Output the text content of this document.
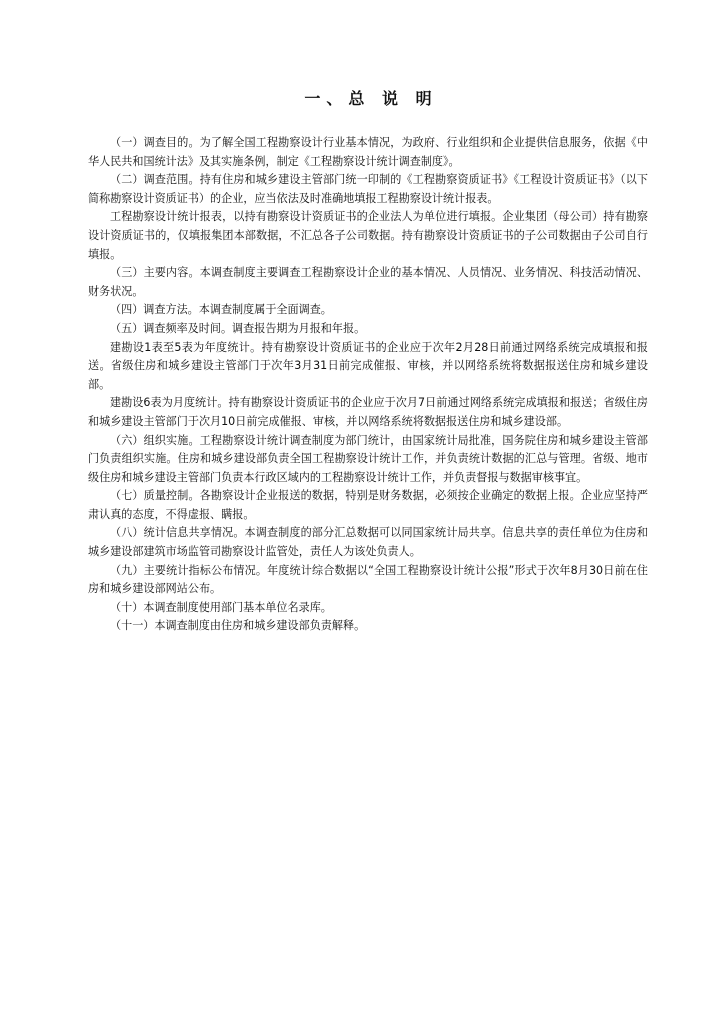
一、总 说 明

（一）调查目的。为了解全国工程勘察设计行业基本情况，为政府、行业组织和企业提供信息服务，依据《中华人民共和国统计法》及其实施条例，制定《工程勘察设计统计调查制度》。

（二）调查范围。持有住房和城乡建设主管部门统一印制的《工程勘察资质证书》《工程设计资质证书》（以下简称勘察设计资质证书）的企业，应当依法及时准确地填报工程勘察设计统计报表。

工程勘察设计统计报表，以持有勘察设计资质证书的企业法人为单位进行填报。企业集团（母公司）持有勘察设计资质证书的，仅填报集团本部数据，不汇总各子公司数据。持有勘察设计资质证书的子公司数据由子公司自行填报。

（三）主要内容。本调查制度主要调查工程勘察设计企业的基本情况、人员情况、业务情况、科技活动情况、财务状况。

（四）调查方法。本调查制度属于全面调查。

（五）调查频率及时间。调查报告期为月报和年报。

建勘设1表至5表为年度统计。持有勘察设计资质证书的企业应于次年2月28日前通过网络系统完成填报和报送。省级住房和城乡建设主管部门于次年3月31日前完成催报、审核，并以网络系统将数据报送住房和城乡建设部。

建勘设6表为月度统计。持有勘察设计资质证书的企业应于次月7日前通过网络系统完成填报和报送；省级住房和城乡建设主管部门于次月10日前完成催报、审核，并以网络系统将数据报送住房和城乡建设部。

（六）组织实施。工程勘察设计统计调查制度为部门统计，由国家统计局批准，国务院住房和城乡建设主管部门负责组织实施。住房和城乡建设部负责全国工程勘察设计统计工作，并负责统计数据的汇总与管理。省级、地市级住房和城乡建设主管部门负责本行政区域内的工程勘察设计统计工作，并负责督报与数据审核事宜。

（七）质量控制。各勘察设计企业报送的数据，特别是财务数据，必须按企业确定的数据上报。企业应坚持严肃认真的态度，不得虚报、瞒报。

（八）统计信息共享情况。本调查制度的部分汇总数据可以同国家统计局共享。信息共享的责任单位为住房和城乡建设部建筑市场监管司勘察设计监管处，责任人为该处负责人。

（九）主要统计指标公布情况。年度统计综合数据以“全国工程勘察设计统计公报”形式于次年8月30日前在住房和城乡建设部网站公布。

（十）本调查制度使用部门基本单位名录库。

（十一）本调查制度由住房和城乡建设部负责解释。
